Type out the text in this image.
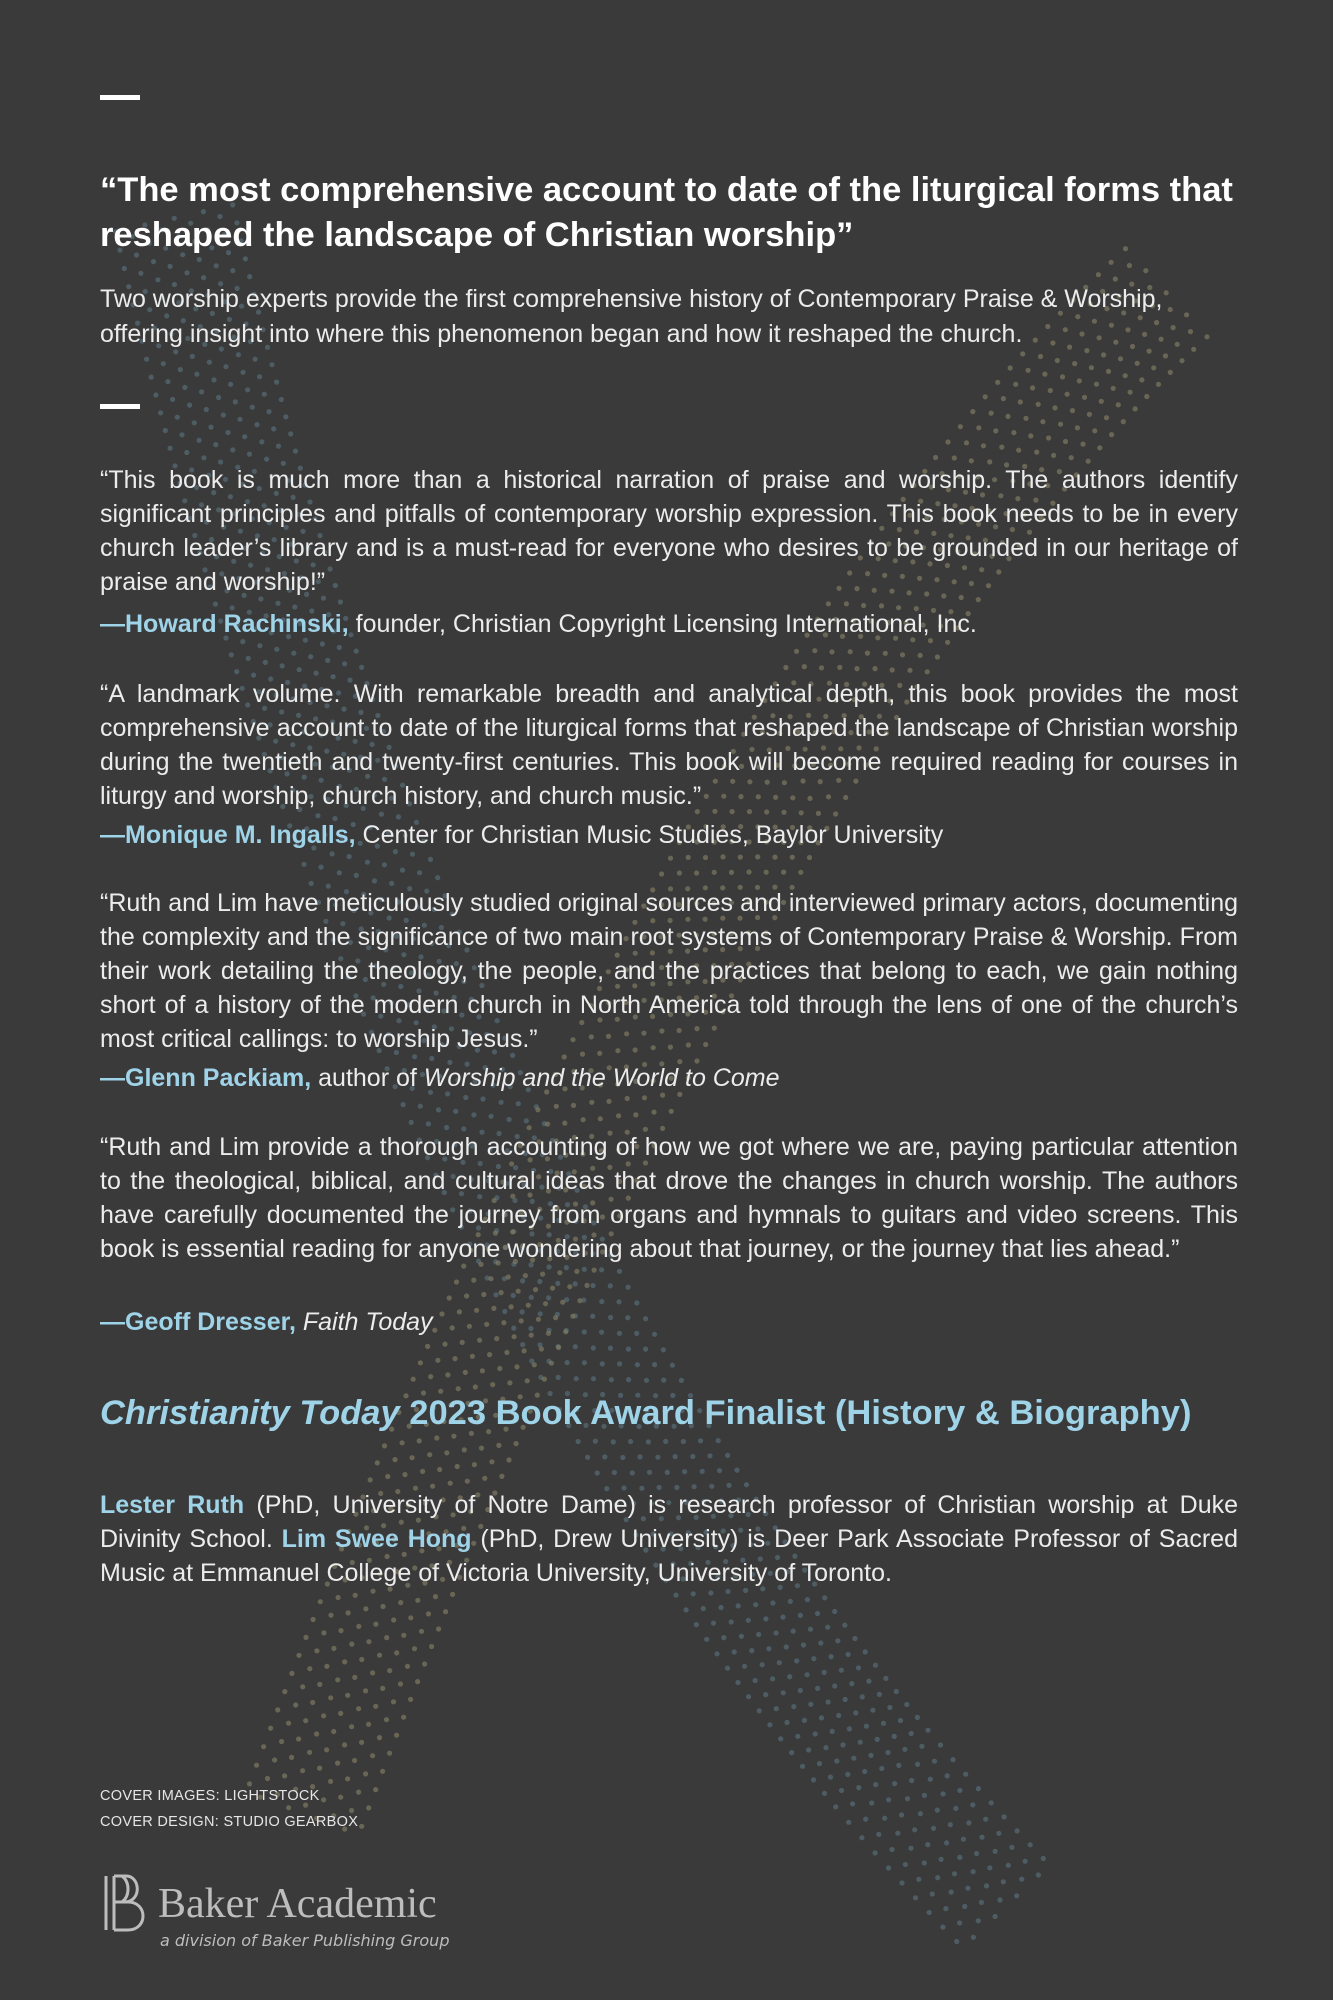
“The most comprehensive account to date of the liturgical forms that reshaped the landscape of Christian worship”

Two worship experts provide the first comprehensive history of Contemporary Praise & Worship, offering insight into where this phenomenon began and how it reshaped the church.

“This book is much more than a historical narration of praise and worship. The authors identify significant principles and pitfalls of contemporary worship expression. This book needs to be in every church leader’s library and is a must-read for everyone who desires to be grounded in our heritage of praise and worship!”

—Howard Rachinski, founder, Christian Copyright Licensing International, Inc.

“A landmark volume. With remarkable breadth and analytical depth, this book provides the most comprehensive account to date of the liturgical forms that reshaped the landscape of Christian worship during the twentieth and twenty-first centuries. This book will become required reading for courses in liturgy and worship, church history, and church music.”

—Monique M. Ingalls, Center for Christian Music Studies, Baylor University

“Ruth and Lim have meticulously studied original sources and interviewed primary actors, documenting the complexity and the significance of two main root systems of Contemporary Praise & Worship. From their work detailing the theology, the people, and the practices that belong to each, we gain nothing short of a history of the modern church in North America told through the lens of one of the church’s most critical callings: to worship Jesus.”

—Glenn Packiam, author of Worship and the World to Come

“Ruth and Lim provide a thorough accounting of how we got where we are, paying particular attention to the theological, biblical, and cultural ideas that drove the changes in church worship. The authors have carefully documented the journey from organs and hymnals to guitars and video screens. This book is essential reading for anyone wondering about that journey, or the journey that lies ahead.”

—Geoff Dresser, Faith Today

Christianity Today 2023 Book Award Finalist (History & Biography)

Lester Ruth (PhD, University of Notre Dame) is research professor of Christian worship at Duke Divinity School. Lim Swee Hong (PhD, Drew University) is Deer Park Associate Professor of Sacred Music at Emmanuel College of Victoria University, University of Toronto.

COVER IMAGES: LIGHTSTOCK

COVER DESIGN: STUDIO GEARBOX

Baker Academic

a division of Baker Publishing Group
